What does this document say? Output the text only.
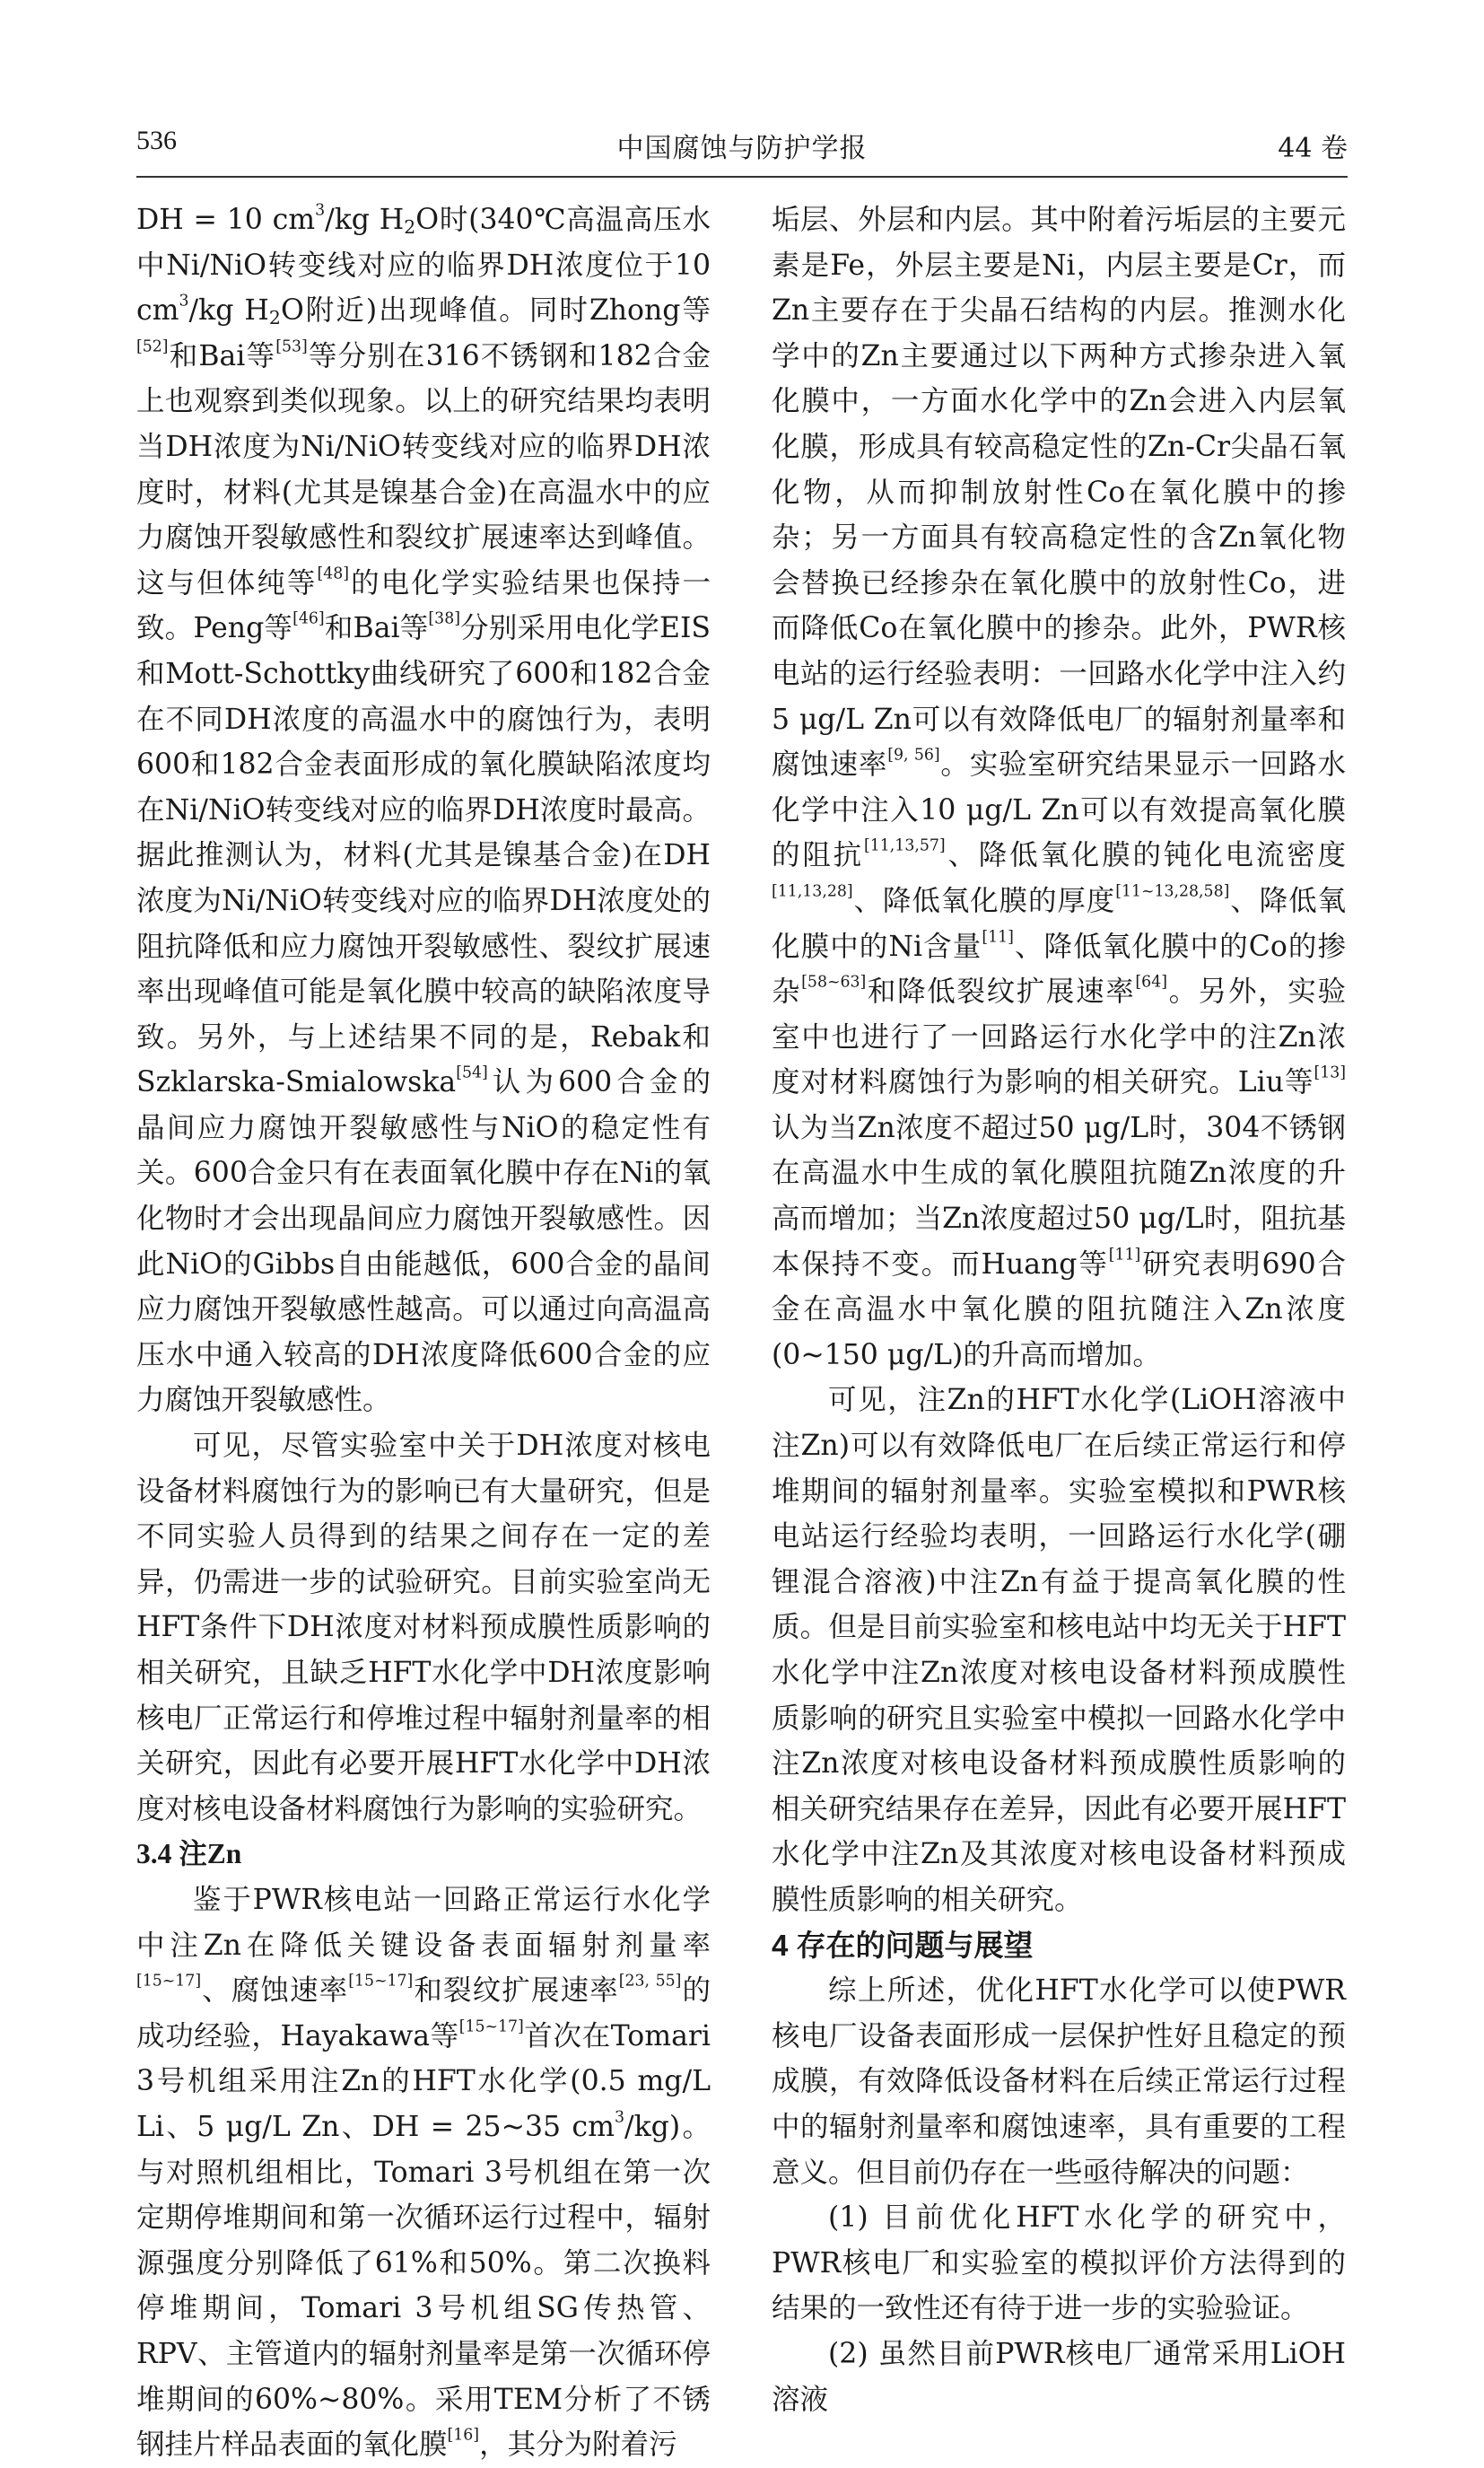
536	中国腐蚀与防护学报	44 卷

DH = 10 $cm^3/kg$ $H_2O$时(340℃高温高压水中Ni/NiO转变线对应的临界DH浓度位于10 $cm^3/kg$ $H_2O$附近)出现峰值。同时Zhong等[52]和Bai等[53]等分别在316不锈钢和182合金上也观察到类似现象。以上的研究结果均表明当DH浓度为Ni/NiO转变线对应的临界DH浓度时，材料(尤其是镍基合金)在高温水中的应力腐蚀开裂敏感性和裂纹扩展速率达到峰值。这与但体纯等[48]的电化学实验结果也保持一致。Peng等[46]和Bai等[38]分别采用电化学EIS和Mott-Schottky曲线研究了600和182合金在不同DH浓度的高温水中的腐蚀行为，表明600和182合金表面形成的氧化膜缺陷浓度均在Ni/NiO转变线对应的临界DH浓度时最高。据此推测认为，材料(尤其是镍基合金)在DH浓度为Ni/NiO转变线对应的临界DH浓度处的阻抗降低和应力腐蚀开裂敏感性、裂纹扩展速率出现峰值可能是氧化膜中较高的缺陷浓度导致。另外，与上述结果不同的是，Rebak和Szklarska-Smialowska[54]认为600合金的晶间应力腐蚀开裂敏感性与NiO的稳定性有关。600合金只有在表面氧化膜中存在Ni的氧化物时才会出现晶间应力腐蚀开裂敏感性。因此NiO的Gibbs自由能越低，600合金的晶间应力腐蚀开裂敏感性越高。可以通过向高温高压水中通入较高的DH浓度降低600合金的应力腐蚀开裂敏感性。

可见，尽管实验室中关于DH浓度对核电设备材料腐蚀行为的影响已有大量研究，但是不同实验人员得到的结果之间存在一定的差异，仍需进一步的试验研究。目前实验室尚无HFT条件下DH浓度对材料预成膜性质影响的相关研究，且缺乏HFT水化学中DH浓度影响核电厂正常运行和停堆过程中辐射剂量率的相关研究，因此有必要开展HFT水化学中DH浓度对核电设备材料腐蚀行为影响的实验研究。

3.4 注Zn

鉴于PWR核电站一回路正常运行水化学中注Zn在降低关键设备表面辐射剂量率[15~17]、腐蚀速率[15~17]和裂纹扩展速率[23, 55]的成功经验，Hayakawa等[15~17]首次在Tomari 3号机组采用注Zn的HFT水化学(0.5 mg/L Li、5 μg/L Zn、DH = 25~35 $cm^3/kg$)。与对照机组相比，Tomari 3号机组在第一次定期停堆期间和第一次循环运行过程中，辐射源强度分别降低了61%和50%。第二次换料停堆期间，Tomari 3号机组SG传热管、RPV、主管道内的辐射剂量率是第一次循环停堆期间的60%~80%。采用TEM分析了不锈钢挂片样品表面的氧化膜[16]，其分为附着污

垢层、外层和内层。其中附着污垢层的主要元素是Fe，外层主要是Ni，内层主要是Cr，而Zn主要存在于尖晶石结构的内层。推测水化学中的Zn主要通过以下两种方式掺杂进入氧化膜中，一方面水化学中的Zn会进入内层氧化膜，形成具有较高稳定性的Zn-Cr尖晶石氧化物，从而抑制放射性Co在氧化膜中的掺杂；另一方面具有较高稳定性的含Zn氧化物会替换已经掺杂在氧化膜中的放射性Co，进而降低Co在氧化膜中的掺杂。此外，PWR核电站的运行经验表明：一回路水化学中注入约5 μg/L Zn可以有效降低电厂的辐射剂量率和腐蚀速率[9, 56]。实验室研究结果显示一回路水化学中注入10 μg/L Zn可以有效提高氧化膜的阻抗[11,13,57]、降低氧化膜的钝化电流密度[11,13,28]、降低氧化膜的厚度[11~13,28,58]、降低氧化膜中的Ni含量[11]、降低氧化膜中的Co的掺杂[58~63]和降低裂纹扩展速率[64]。另外，实验室中也进行了一回路运行水化学中的注Zn浓度对材料腐蚀行为影响的相关研究。Liu等[13]认为当Zn浓度不超过50 μg/L时，304不锈钢在高温水中生成的氧化膜阻抗随Zn浓度的升高而增加；当Zn浓度超过50 μg/L时，阻抗基本保持不变。而Huang等[11]研究表明690合金在高温水中氧化膜的阻抗随注入Zn浓度(0~150 μg/L)的升高而增加。

可见，注Zn的HFT水化学(LiOH溶液中注Zn)可以有效降低电厂在后续正常运行和停堆期间的辐射剂量率。实验室模拟和PWR核电站运行经验均表明，一回路运行水化学(硼锂混合溶液)中注Zn有益于提高氧化膜的性质。但是目前实验室和核电站中均无关于HFT水化学中注Zn浓度对核电设备材料预成膜性质影响的研究且实验室中模拟一回路水化学中注Zn浓度对核电设备材料预成膜性质影响的相关研究结果存在差异，因此有必要开展HFT水化学中注Zn及其浓度对核电设备材料预成膜性质影响的相关研究。

4 存在的问题与展望

综上所述，优化HFT水化学可以使PWR核电厂设备表面形成一层保护性好且稳定的预成膜，有效降低设备材料在后续正常运行过程中的辐射剂量率和腐蚀速率，具有重要的工程意义。但目前仍存在一些亟待解决的问题：

(1) 目前优化HFT水化学的研究中，PWR核电厂和实验室的模拟评价方法得到的结果的一致性还有待于进一步的实验验证。

(2) 虽然目前PWR核电厂通常采用LiOH溶液
